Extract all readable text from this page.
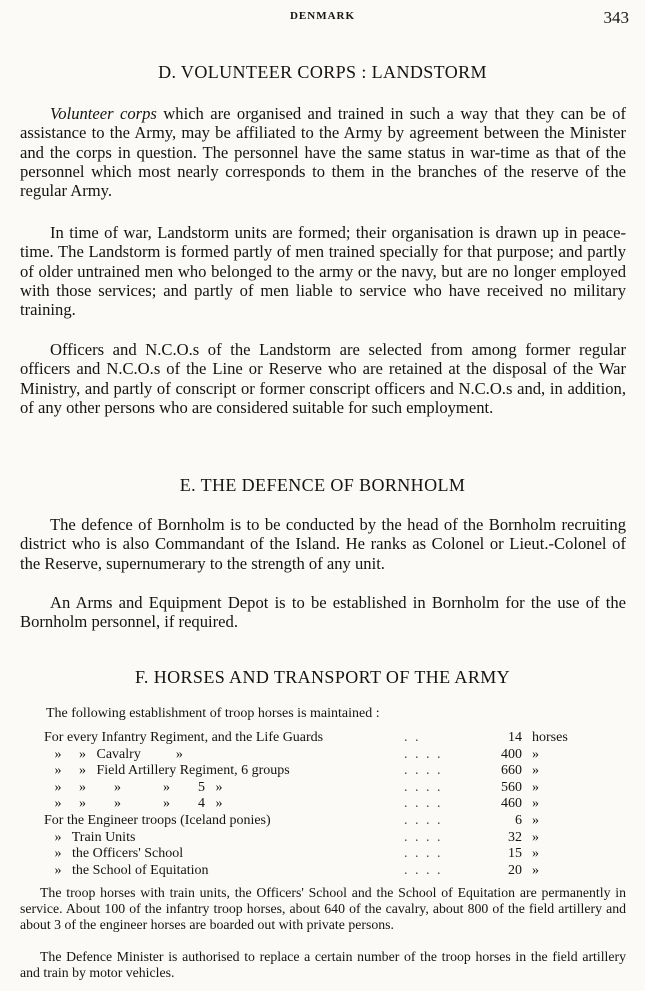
DENMARK	343
D. VOLUNTEER CORPS : LANDSTORM

Volunteer corps which are organised and trained in such a way that they can be of assistance to the Army, may be affiliated to the Army by agreement between the Minister and the corps in question. The personnel have the same status in war-time as that of the personnel which most nearly corresponds to them in the branches of the reserve of the regular Army.

In time of war, Landstorm units are formed; their organisation is drawn up in peace-time. The Landstorm is formed partly of men trained specially for that purpose; and partly of older untrained men who belonged to the army or the navy, but are no longer employed with those services; and partly of men liable to service who have received no military training.

Officers and N.C.O.s of the Landstorm are selected from among former regular officers and N.C.O.s of the Line or Reserve who are retained at the disposal of the War Ministry, and partly of conscript or former conscript officers and N.C.O.s and, in addition, of any other persons who are considered suitable for such employment.

E. THE DEFENCE OF BORNHOLM

The defence of Bornholm is to be conducted by the head of the Bornholm recruiting district who is also Commandant of the Island. He ranks as Colonel or Lieut.-Colonel of the Reserve, supernumerary to the strength of any unit.

An Arms and Equipment Depot is to be established in Bornholm for the use of the Bornholm personnel, if required.

F. HORSES AND TRANSPORT OF THE ARMY
The following establishment of troop horses is maintained :
For every Infantry Regiment, and the Life Guards	. .	14 horses
»     »   Cavalry          »	. . . .	400 »
»     »   Field Artillery Regiment, 6 groups	. . . .	660 »
»     »        »            »        5   »	. . . .	560 »
»     »        »            »        4   »	. . . .	460 »
For the Engineer troops (Iceland ponies)	. . . .	6 »
»   Train Units	. . . .	32 »
»   the Officers' School	. . . .	15 »
»   the School of Equitation	. . . .	20 »

The troop horses with train units, the Officers' School and the School of Equitation are permanently in service. About 100 of the infantry troop horses, about 640 of the cavalry, about 800 of the field artillery and about 3 of the engineer horses are boarded out with private persons.

The Defence Minister is authorised to replace a certain number of the troop horses in the field artillery and train by motor vehicles.
